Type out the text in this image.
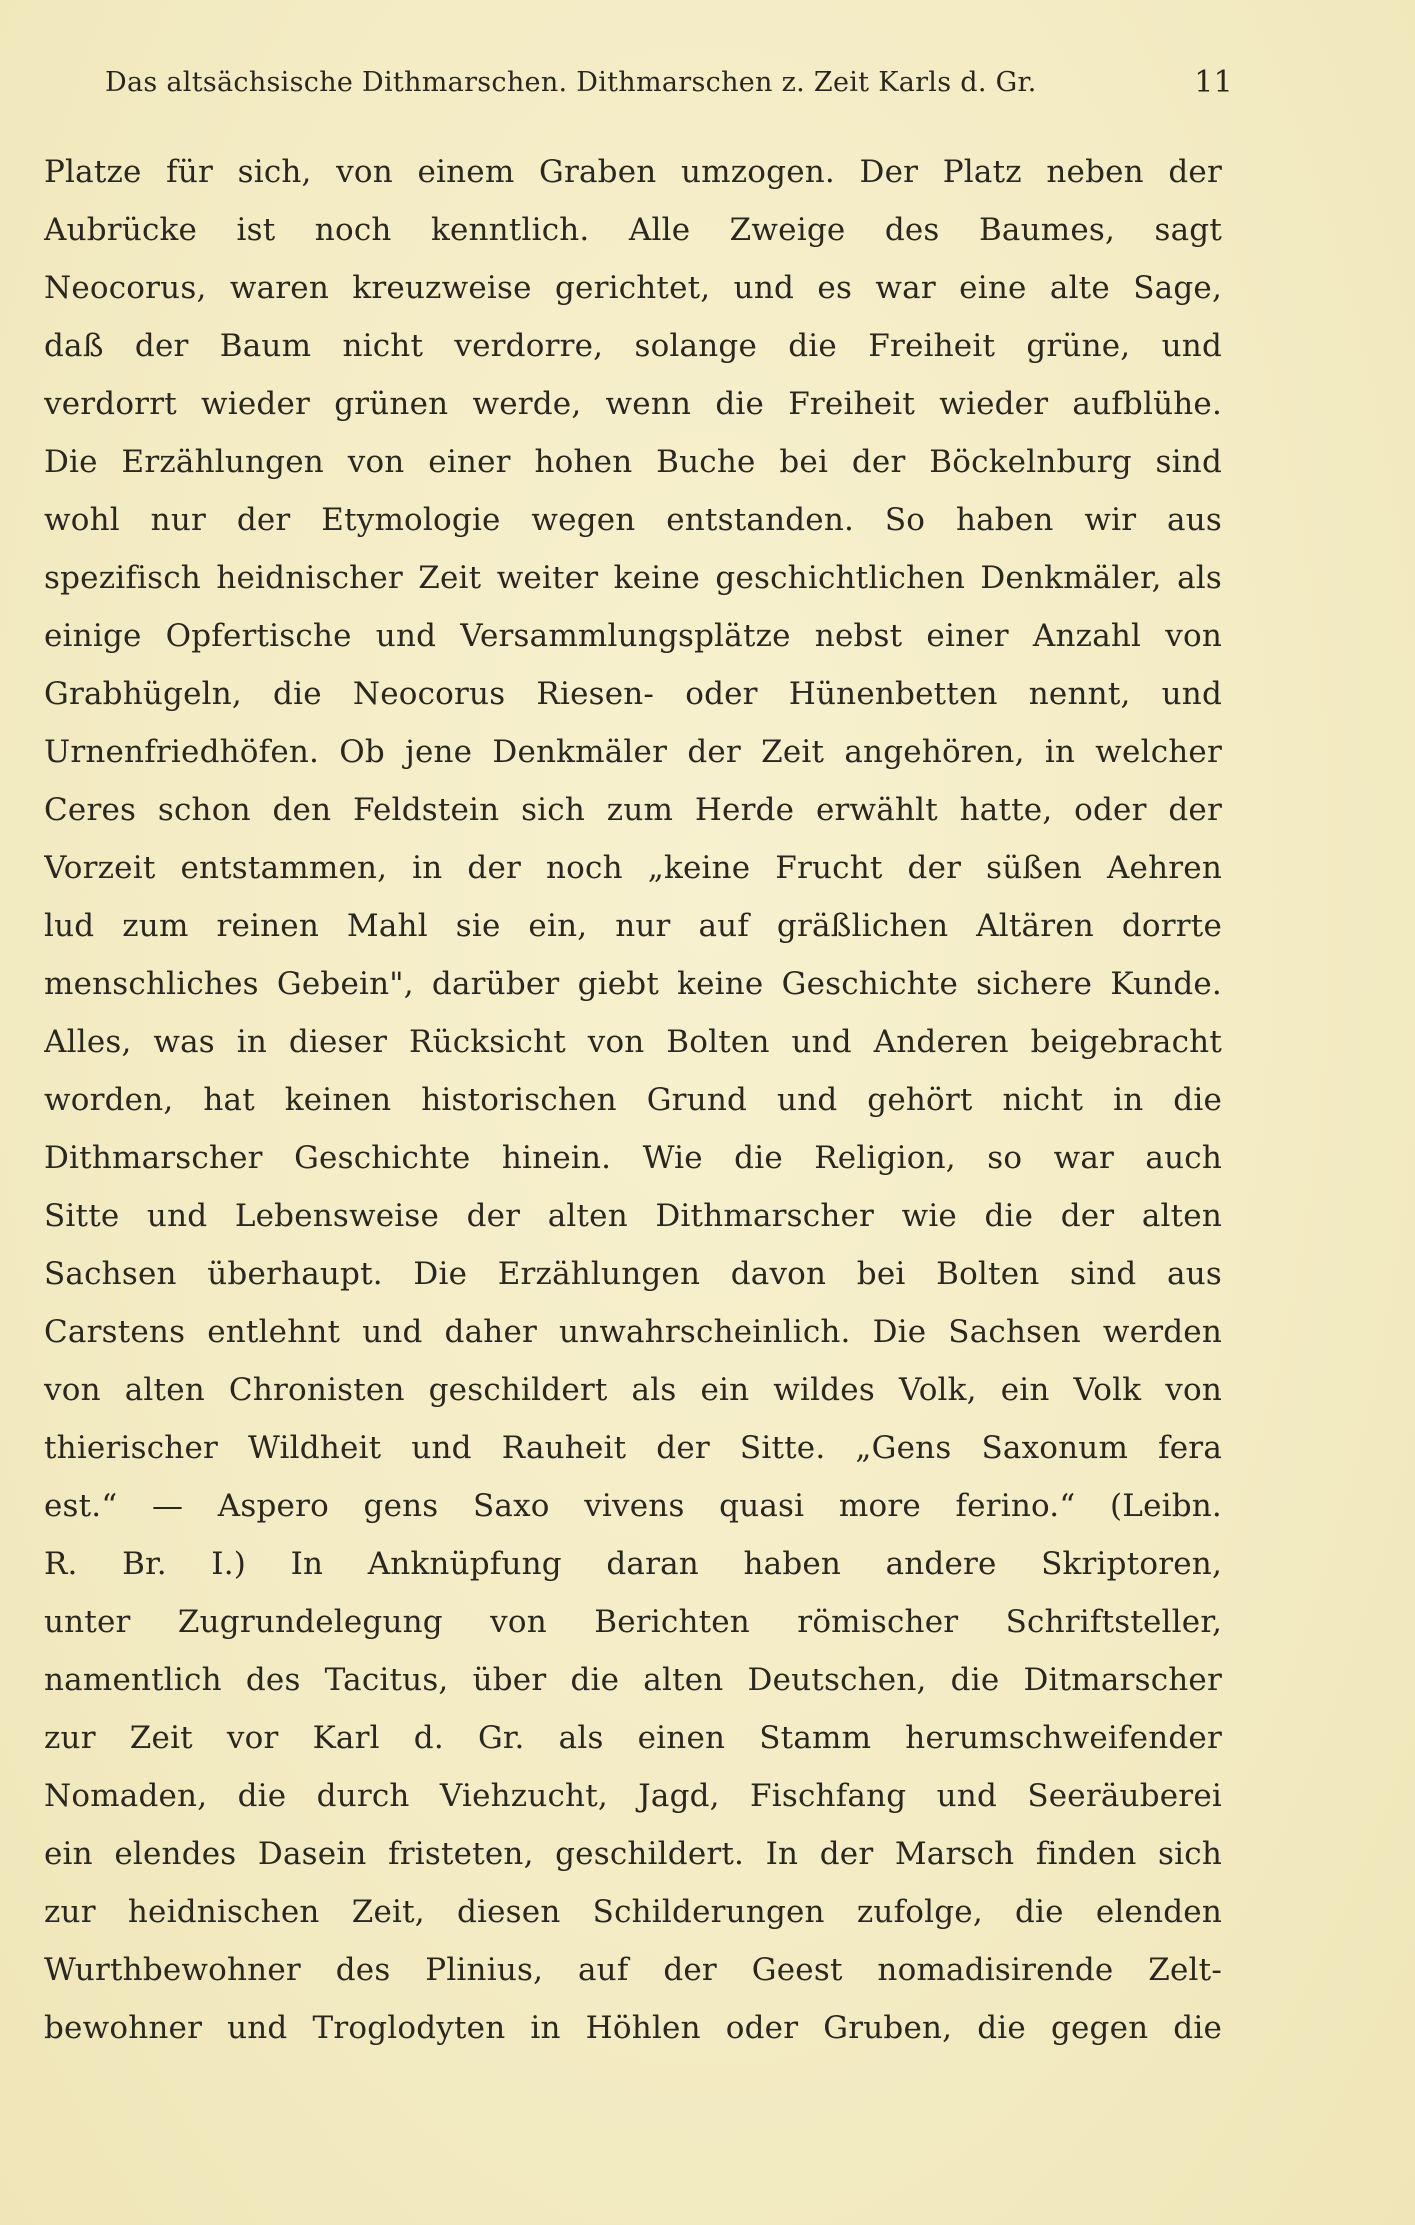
Das altsächsische Dithmarschen. Dithmarschen z. Zeit Karls d. Gr.	11
Platze für sich, von einem Graben umzogen. Der Platz neben der
Aubrücke ist noch kenntlich. Alle Zweige des Baumes, sagt
Neocorus, waren kreuzweise gerichtet, und es war eine alte Sage,
daß der Baum nicht verdorre, solange die Freiheit grüne, und
verdorrt wieder grünen werde, wenn die Freiheit wieder aufblühe.
Die Erzählungen von einer hohen Buche bei der Böckelnburg sind
wohl nur der Etymologie wegen entstanden. So haben wir aus
spezifisch heidnischer Zeit weiter keine geschichtlichen Denkmäler, als
einige Opfertische und Versammlungsplätze nebst einer Anzahl von
Grabhügeln, die Neocorus Riesen- oder Hünenbetten nennt, und
Urnenfriedhöfen. Ob jene Denkmäler der Zeit angehören, in welcher
Ceres schon den Feldstein sich zum Herde erwählt hatte, oder der
Vorzeit entstammen, in der noch „keine Frucht der süßen Aehren
lud zum reinen Mahl sie ein, nur auf gräßlichen Altären dorrte
menschliches Gebein", darüber giebt keine Geschichte sichere Kunde.
Alles, was in dieser Rücksicht von Bolten und Anderen beigebracht
worden, hat keinen historischen Grund und gehört nicht in die
Dithmarscher Geschichte hinein. Wie die Religion, so war auch
Sitte und Lebensweise der alten Dithmarscher wie die der alten
Sachsen überhaupt. Die Erzählungen davon bei Bolten sind aus
Carstens entlehnt und daher unwahrscheinlich. Die Sachsen werden
von alten Chronisten geschildert als ein wildes Volk, ein Volk von
thierischer Wildheit und Rauheit der Sitte. „Gens Saxonum fera
est.“ — Aspero gens Saxo vivens quasi more ferino.“ (Leibn.
R. Br. I.) In Anknüpfung daran haben andere Skriptoren,
unter Zugrundelegung von Berichten römischer Schriftsteller,
namentlich des Tacitus, über die alten Deutschen, die Ditmarscher
zur Zeit vor Karl d. Gr. als einen Stamm herumschweifender
Nomaden, die durch Viehzucht, Jagd, Fischfang und Seeräuberei
ein elendes Dasein fristeten, geschildert. In der Marsch finden sich
zur heidnischen Zeit, diesen Schilderungen zufolge, die elenden
Wurthbewohner des Plinius, auf der Geest nomadisirende Zelt-
bewohner und Troglodyten in Höhlen oder Gruben, die gegen die
